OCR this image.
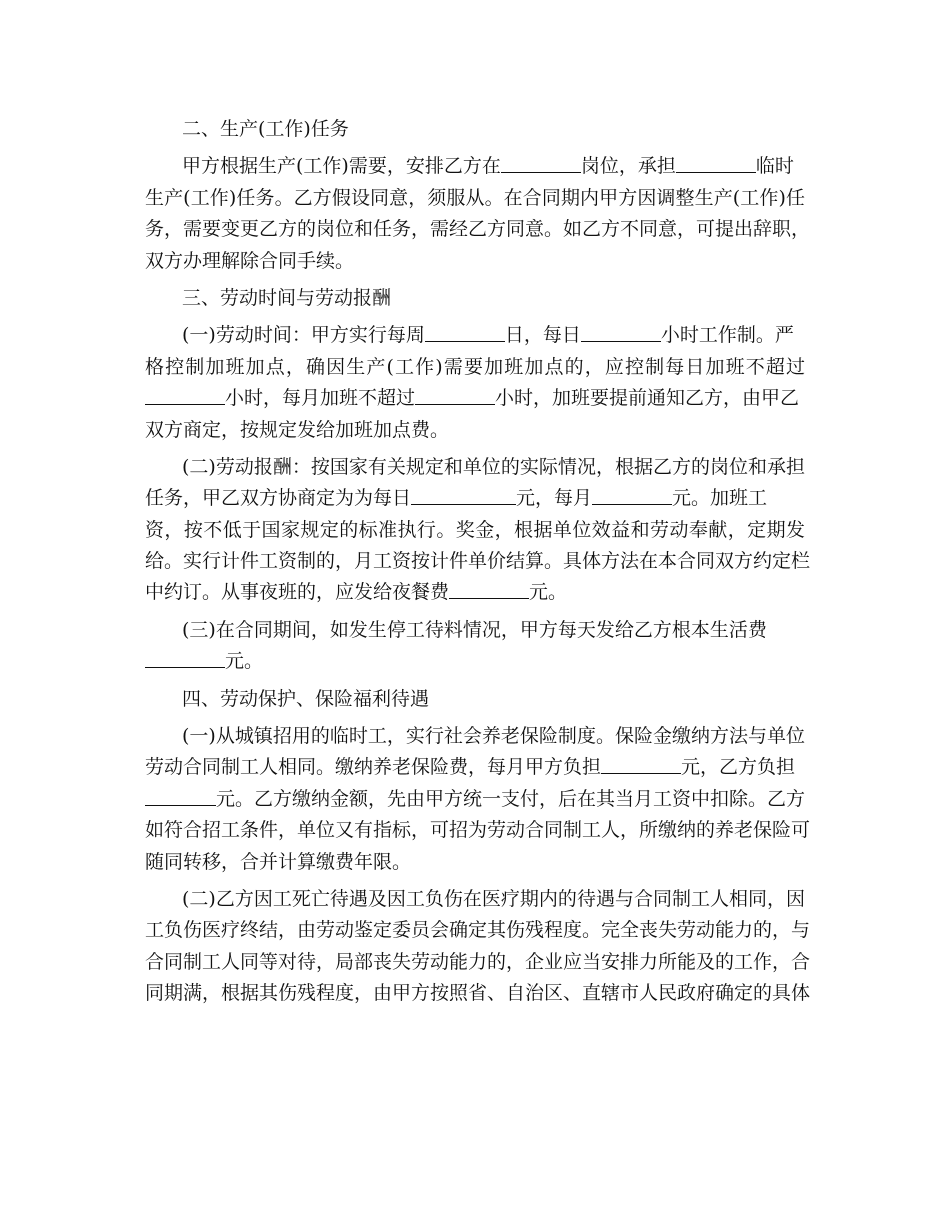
二、生产(工作)任务
甲方根据生产(工作)需要，安排乙方在	岗位，承担	临时
生产(工作)任务。乙方假设同意，须服从。在合同期内甲方因调整生产(工作)任
务，需要变更乙方的岗位和任务，需经乙方同意。如乙方不同意，可提出辞职，
双方办理解除合同手续。
三、劳动时间与劳动报酬
(一)劳动时间：甲方实行每周	日，每日	小时工作制。严
格控制加班加点，确因生产(工作)需要加班加点的，应控制每日加班不超过
小时，每月加班不超过	小时，加班要提前通知乙方，由甲乙
双方商定，按规定发给加班加点费。
(二)劳动报酬：按国家有关规定和单位的实际情况，根据乙方的岗位和承担
任务，甲乙双方协商定为为每日	元，每月	元。加班工
资，按不低于国家规定的标准执行。奖金，根据单位效益和劳动奉献，定期发
给。实行计件工资制的，月工资按计件单价结算。具体方法在本合同双方约定栏
中约订。从事夜班的，应发给夜餐费	元。
(三)在合同期间，如发生停工待料情况，甲方每天发给乙方根本生活费
元。
四、劳动保护、保险福利待遇
(一)从城镇招用的临时工，实行社会养老保险制度。保险金缴纳方法与单位
劳动合同制工人相同。缴纳养老保险费，每月甲方负担	元，乙方负担
元。乙方缴纳金额，先由甲方统一支付，后在其当月工资中扣除。乙方
如符合招工条件，单位又有指标，可招为劳动合同制工人，所缴纳的养老保险可
随同转移，合并计算缴费年限。
(二)乙方因工死亡待遇及因工负伤在医疗期内的待遇与合同制工人相同，因
工负伤医疗终结，由劳动鉴定委员会确定其伤残程度。完全丧失劳动能力的，与
合同制工人同等对待，局部丧失劳动能力的，企业应当安排力所能及的工作，合
同期满，根据其伤残程度，由甲方按照省、自治区、直辖市人民政府确定的具体
